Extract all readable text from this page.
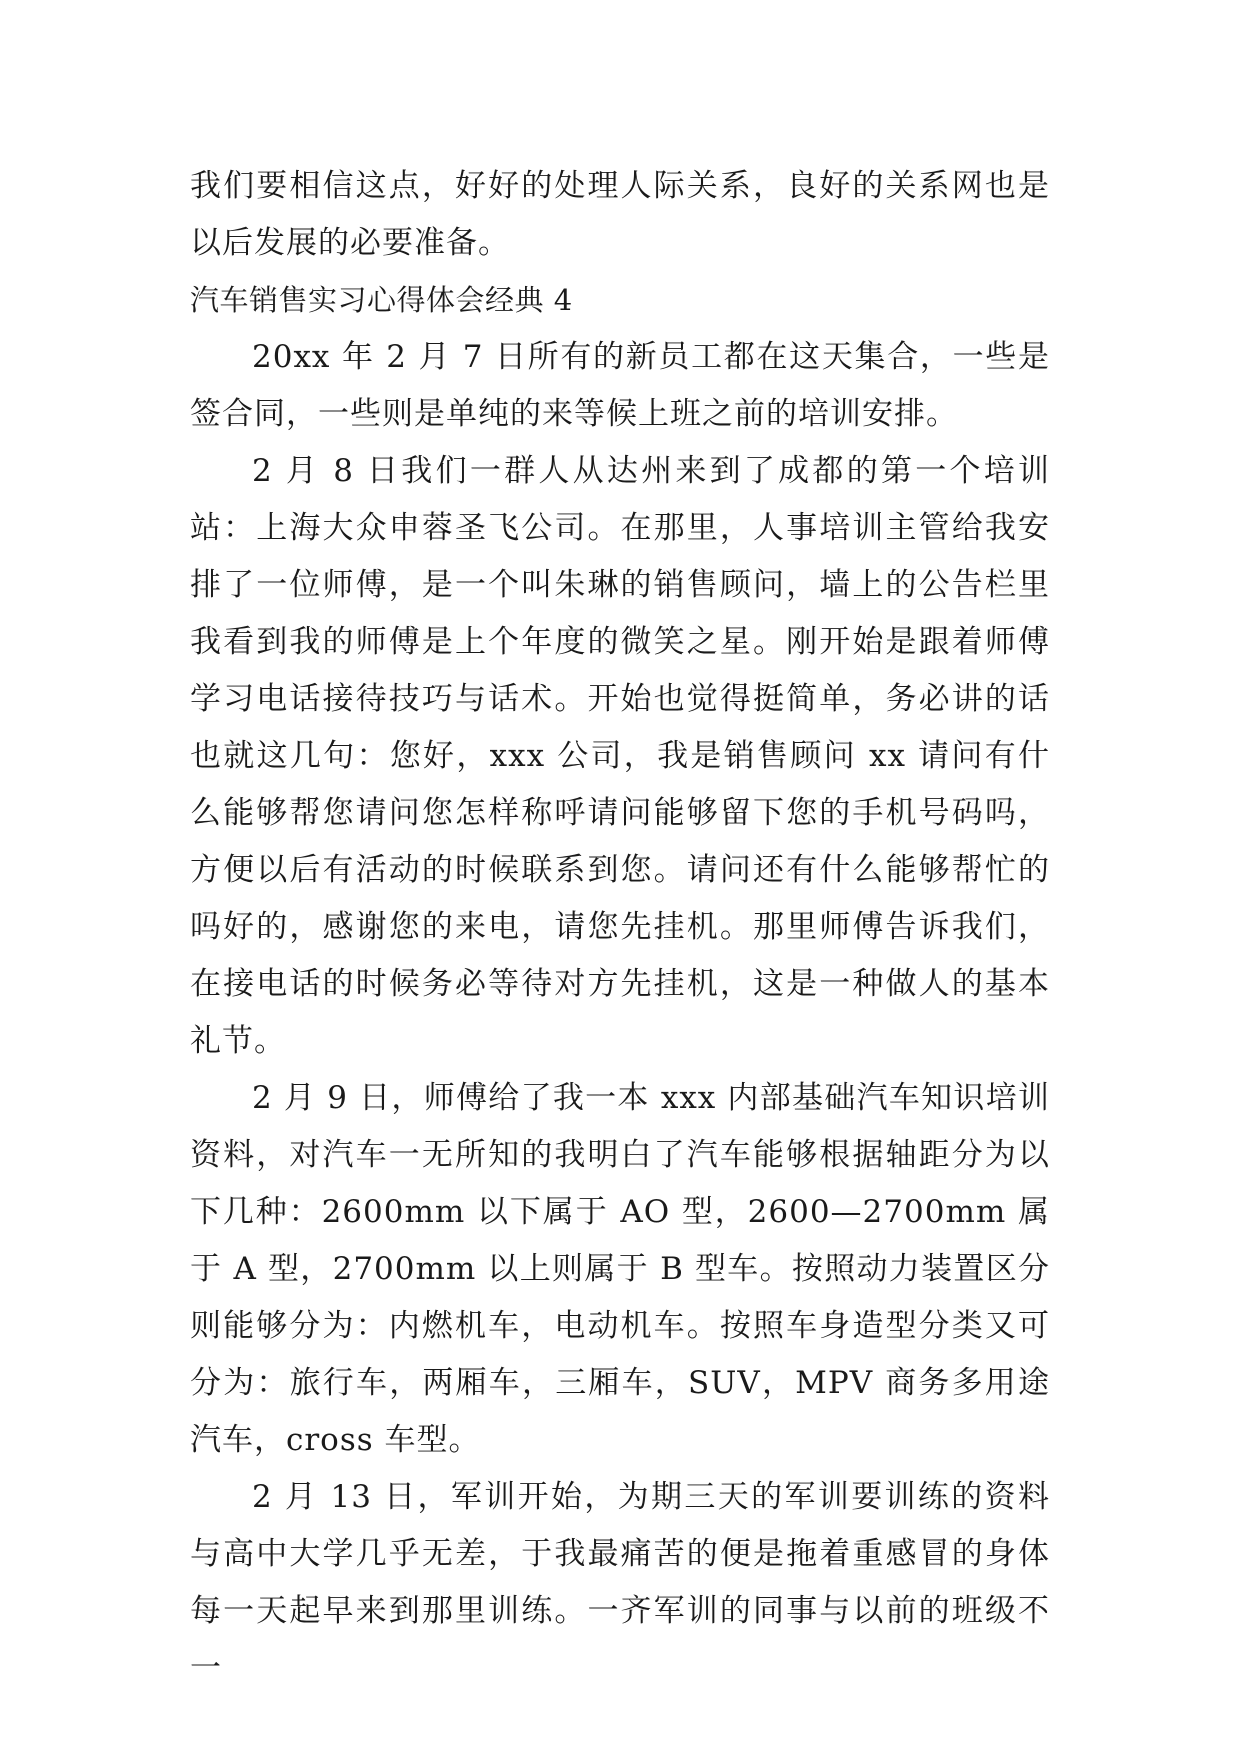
我们要相信这点，好好的处理人际关系，良好的关系网也是以后发展的必要准备。

汽车销售实习心得体会经典 4

20xx 年 2 月 7 日所有的新员工都在这天集合，一些是签合同，一些则是单纯的来等候上班之前的培训安排。

2 月 8 日我们一群人从达州来到了成都的第一个培训站：上海大众申蓉圣飞公司。在那里，人事培训主管给我安排了一位师傅，是一个叫朱琳的销售顾问，墙上的公告栏里我看到我的师傅是上个年度的微笑之星。刚开始是跟着师傅学习电话接待技巧与话术。开始也觉得挺简单，务必讲的话也就这几句：您好，xxx 公司，我是销售顾问 xx 请问有什么能够帮您请问您怎样称呼请问能够留下您的手机号码吗，方便以后有活动的时候联系到您。请问还有什么能够帮忙的吗好的，感谢您的来电，请您先挂机。那里师傅告诉我们，在接电话的时候务必等待对方先挂机，这是一种做人的基本礼节。

2 月 9 日，师傅给了我一本 xxx 内部基础汽车知识培训资料，对汽车一无所知的我明白了汽车能够根据轴距分为以下几种：2600mm 以下属于 AO 型，2600—2700mm 属于 A 型，2700mm 以上则属于 B 型车。按照动力装置区分则能够分为：内燃机车，电动机车。按照车身造型分类又可分为：旅行车，两厢车，三厢车，SUV，MPV 商务多用途汽车，cross 车型。

2 月 13 日，军训开始，为期三天的军训要训练的资料与高中大学几乎无差，于我最痛苦的便是拖着重感冒的身体每一天起早来到那里训练。一齐军训的同事与以前的班级不一
